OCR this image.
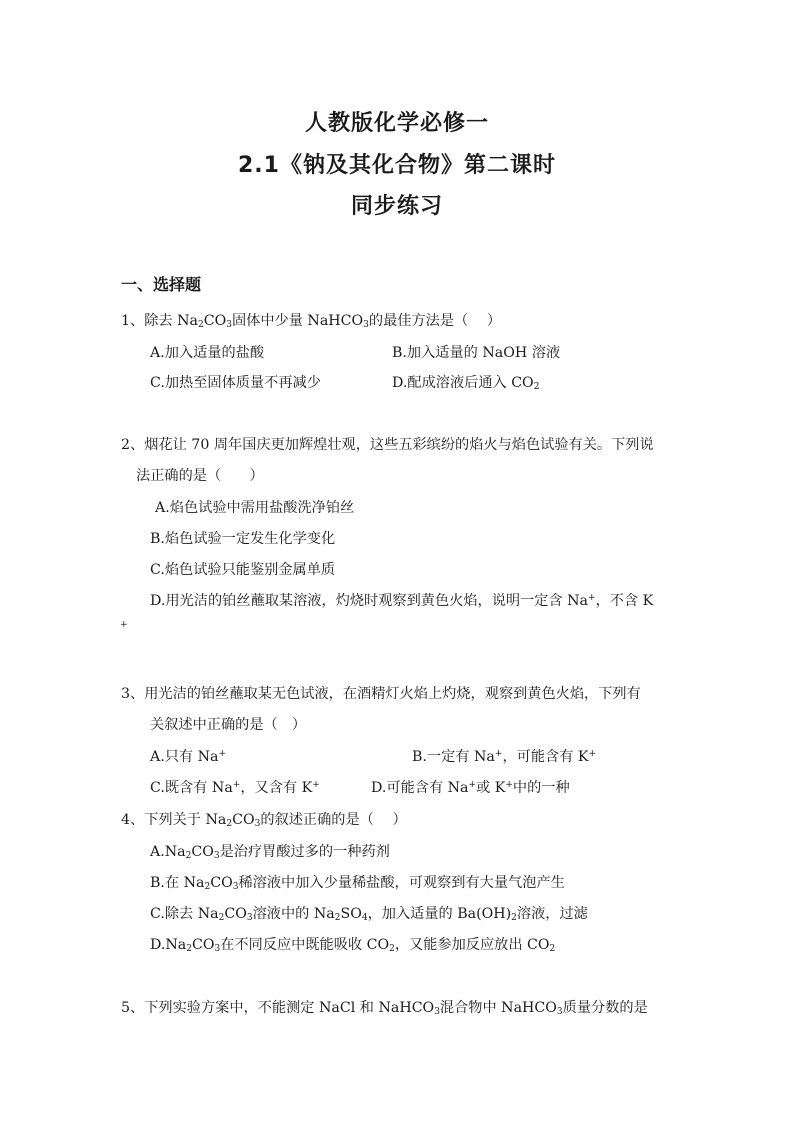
人教版化学必修一
2.1《钠及其化合物》第二课时
同步练习
一、选择题
1、除去 $Na_2CO_3$固体中少量 NaHCO$_3$的最佳方法是（　 ）
A.加入适量的盐酸	B.加入适量的 NaOH 溶液
C.加热至固体质量不再减少	D.配成溶液后通入 $CO_2$
2、烟花让 70 周年国庆更加辉煌壮观，这些五彩缤纷的焰火与焰色试验有关。下列说
法正确的是（　　）
A.焰色试验中需用盐酸洗净铂丝
B.焰色试验一定发生化学变化
C.焰色试验只能鉴别金属单质
D.用光洁的铂丝蘸取某溶液，灼烧时观察到黄色火焰，说明一定含 Na+，不含 K
+
3、用光洁的铂丝蘸取某无色试液，在酒精灯火焰上灼烧，观察到黄色火焰，下列有
关叙述中正确的是（　）
A.只有 Na+	B.一定有 Na+，可能含有 K+
C.既含有 Na+，又含有 K+	D.可能含有 Na+或 K+中的一种
4、下列关于 $Na_2CO_3$的叙述正确的是（　 ）
$A.Na_2CO_3$是治疗胃酸过多的一种药剂
B.在 $Na_2CO_3$稀溶液中加入少量稀盐酸，可观察到有大量气泡产生
C.除去 $Na_2CO_3$溶液中的 $Na_2SO_4$，加入适量的 $Ba(OH)_2$溶液，过滤
$D.Na_2CO_3$在不同反应中既能吸收 $CO_2$，又能参加反应放出 $CO_2$
5、下列实验方案中，不能测定 NaCl 和 NaHCO$_3$混合物中 NaHCO$_3$质量分数的是
